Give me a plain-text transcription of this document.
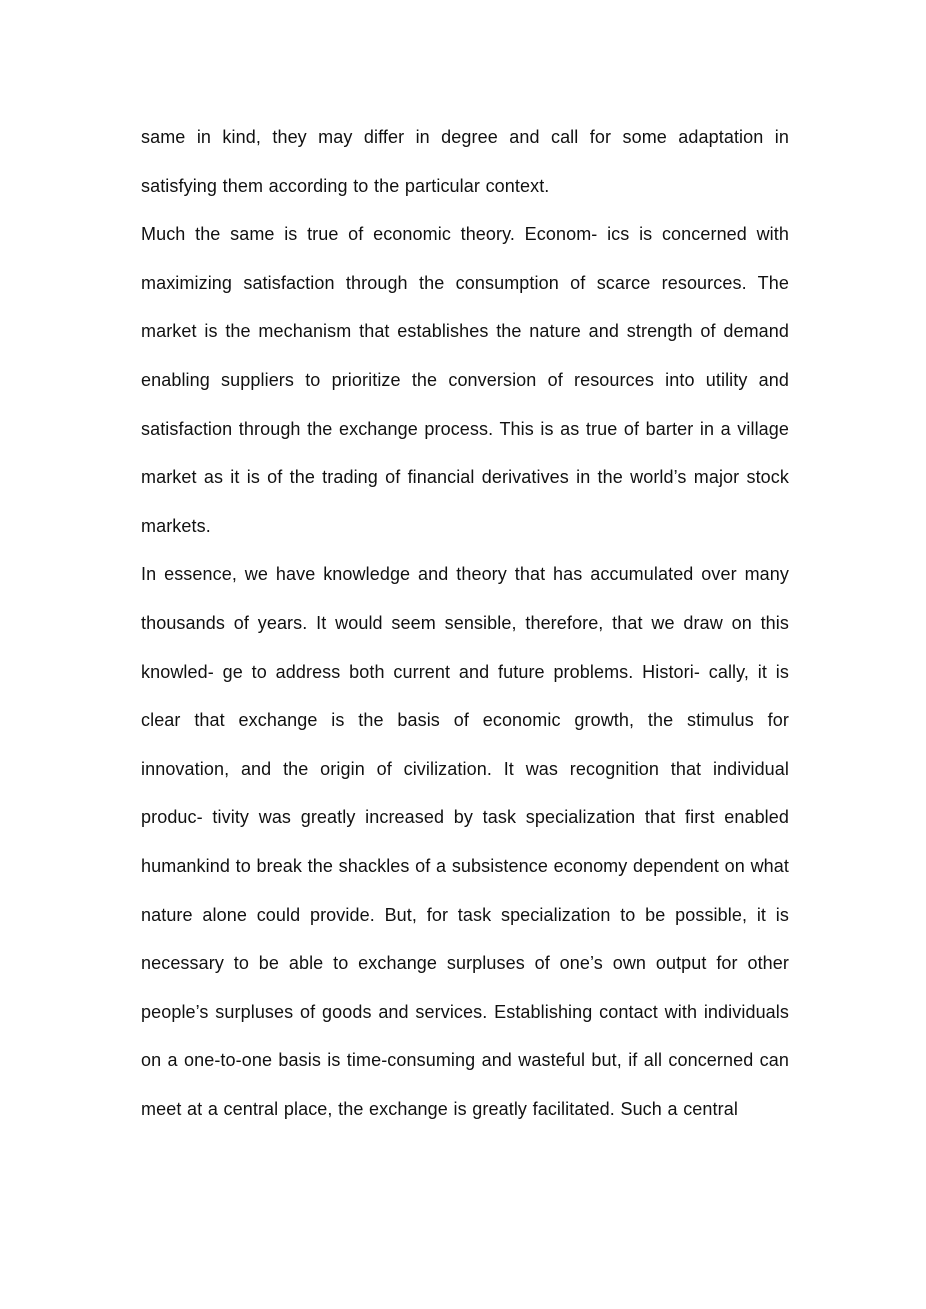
same in kind, they may differ in degree and call for some adaptation in satisfying them according to the particular context.

Much the same is true of economic theory. Econom- ics is concerned with maximizing satisfaction through the consumption of scarce resources. The market is the mechanism that establishes the nature and strength of demand enabling suppliers to prioritize the conversion of resources into utility and satisfaction through the exchange process. This is as true of barter in a village market as it is of the trading of financial derivatives in the world’s major stock markets.

In essence, we have knowledge and theory that has accumulated over many thousands of years. It would seem sensible, therefore, that we draw on this knowled- ge to address both current and future problems. Histori- cally, it is clear that exchange is the basis of economic growth, the stimulus for innovation, and the origin of civilization. It was recognition that individual produc- tivity was greatly increased by task specialization that first enabled humankind to break the shackles of a subsistence economy dependent on what nature alone could provide. But, for task specialization to be possible, it is necessary to be able to exchange surpluses of one’s own output for other people’s surpluses of goods and services. Establishing contact with individuals on a one-to-one basis is time-consuming and wasteful but, if all concerned can meet at a central place, the exchange is greatly facilitated. Such a central
